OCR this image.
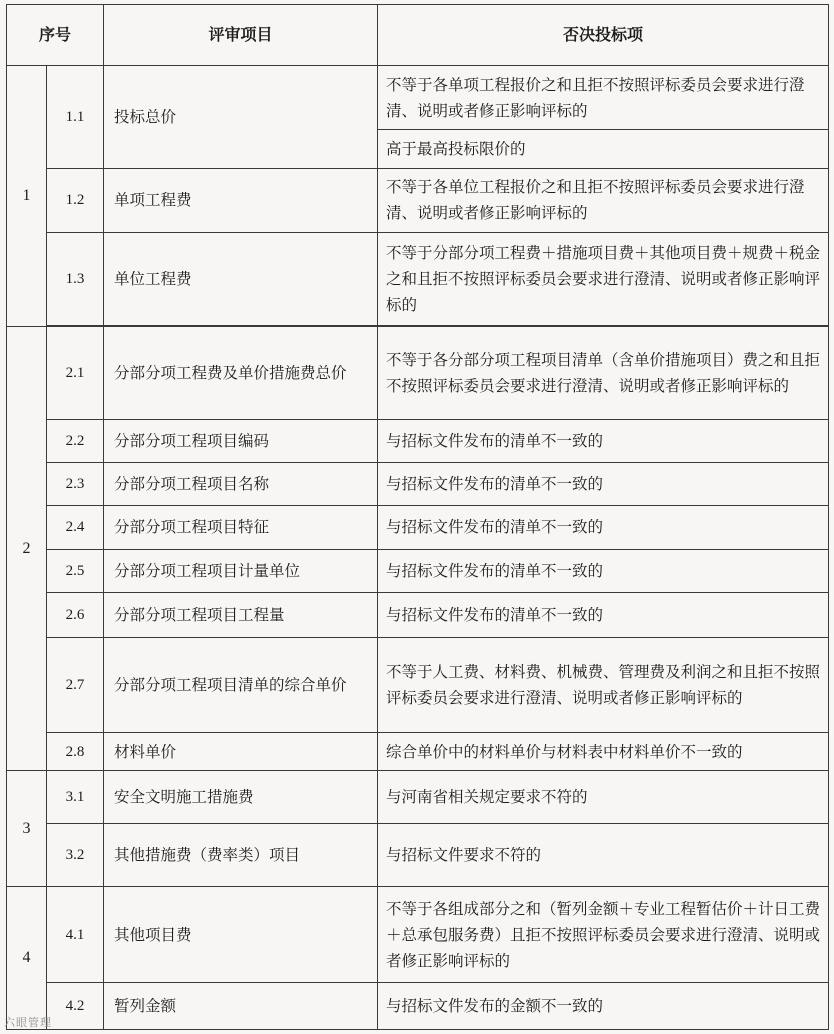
序号		评审项目	否决投标项
1	1.1	投标总价	不等于各单项工程报价之和且拒不按照评标委员会要求进行澄清、说明或者修正影响评标的
			高于最高投标限价的
	1.2	单项工程费	不等于各单位工程报价之和且拒不按照评标委员会要求进行澄清、说明或者修正影响评标的
	1.3	单位工程费	不等于分部分项工程费＋措施项目费＋其他项目费＋规费＋税金之和且拒不按照评标委员会要求进行澄清、说明或者修正影响评标的

2	2.1	分部分项工程费及单价措施费总价	不等于各分部分项工程项目清单（含单价措施项目）费之和且拒不按照评标委员会要求进行澄清、说明或者修正影响评标的
	2.2	分部分项工程项目编码	与招标文件发布的清单不一致的
	2.3	分部分项工程项目名称	与招标文件发布的清单不一致的
	2.4	分部分项工程项目特征	与招标文件发布的清单不一致的
	2.5	分部分项工程项目计量单位	与招标文件发布的清单不一致的
	2.6	分部分项工程项目工程量	与招标文件发布的清单不一致的
	2.7	分部分项工程项目清单的综合单价	不等于人工费、材料费、机械费、管理费及利润之和且拒不按照评标委员会要求进行澄清、说明或者修正影响评标的
	2.8	材料单价	综合单价中的材料单价与材料表中材料单价不一致的
3	3.1	安全文明施工措施费	与河南省相关规定要求不符的
	3.2	其他措施费（费率类）项目	与招标文件要求不符的
4	4.1	其他项目费	不等于各组成部分之和（暂列金额＋专业工程暂估价＋计日工费＋总承包服务费）且拒不按照评标委员会要求进行澄清、说明或者修正影响评标的
	4.2	暂列金额	与招标文件发布的金额不一致的
六眼管理
